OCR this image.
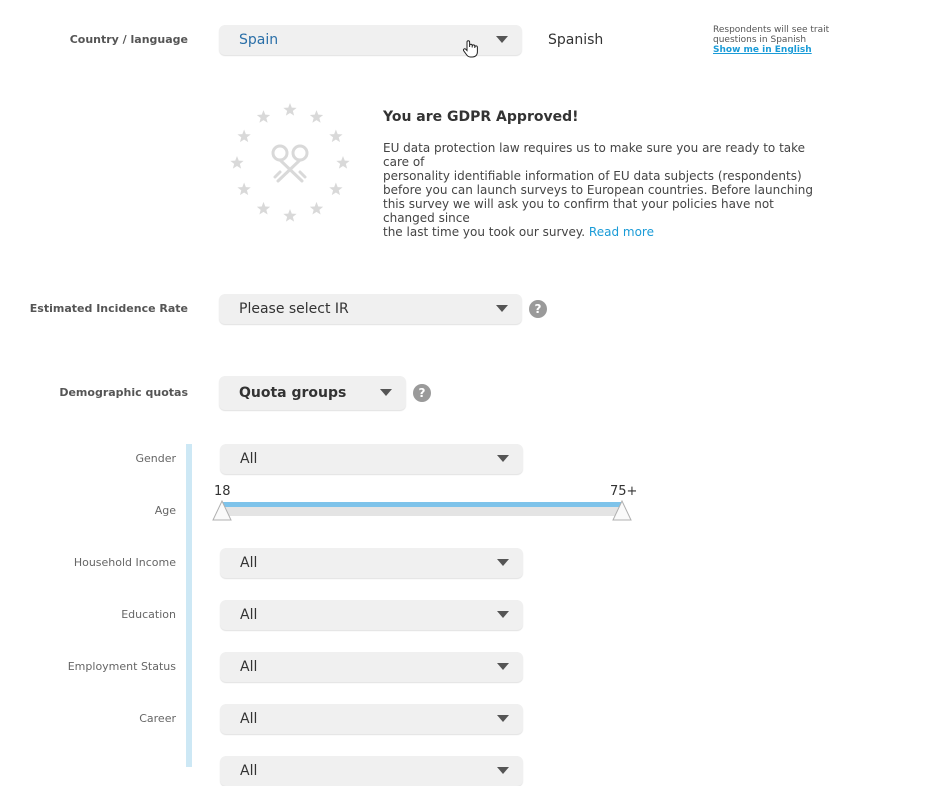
Country / language	Spain	Spanish
Respondents will see trait questions in Spanish
Show me in English
You are GDPR Approved!
EU data protection law requires us to make sure you are ready to take care of
personality identifiable information of EU data subjects (respondents)
before you can launch surveys to European countries. Before launching
this survey we will ask you to confirm that your policies have not changed since
the last time you took our survey. Read more
Estimated Incidence Rate	Please select IR	?
Demographic quotas	Quota groups	?
Gender	All
Age
18	75+
Household Income	All
Education	All
Employment Status	All
Career	All
All
